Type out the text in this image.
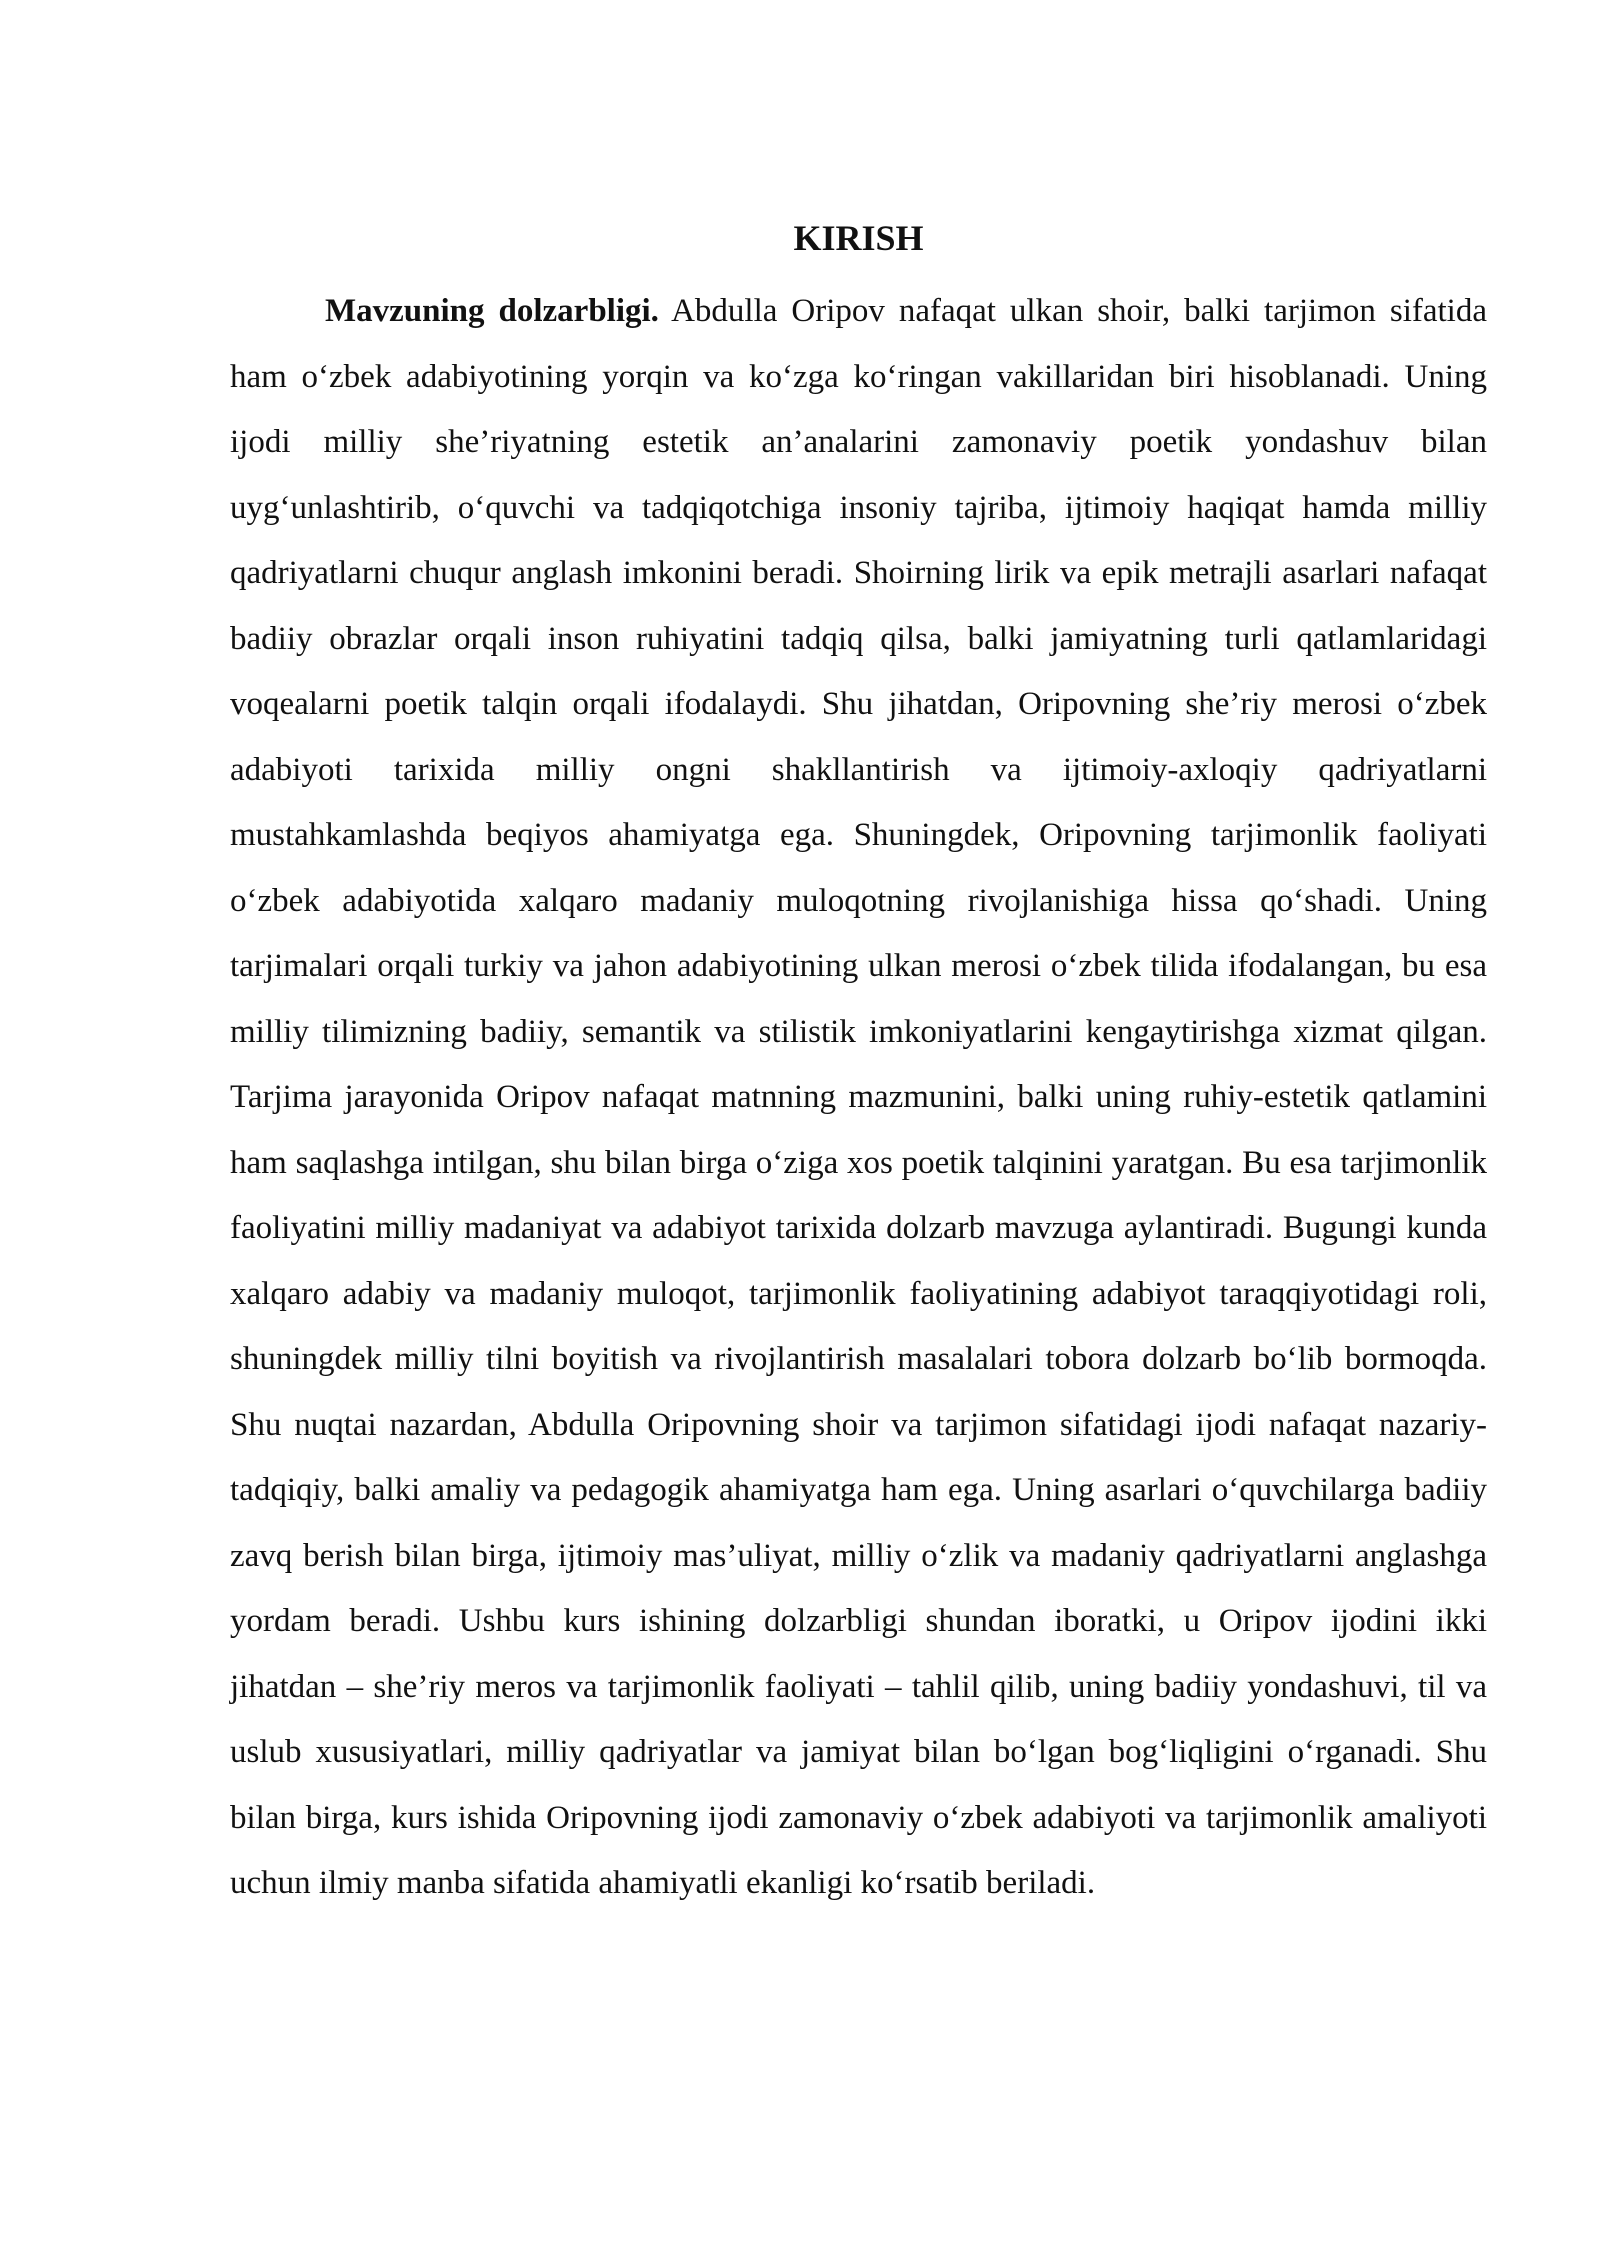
KIRISH

Mavzuning dolzarbligi. Abdulla Oripov nafaqat ulkan shoir, balki tarjimon sifatida ham o‘zbek adabiyotining yorqin va ko‘zga ko‘ringan vakillaridan biri hisoblanadi. Uning ijodi milliy she’riyatning estetik an’analarini zamonaviy poetik yondashuv bilan uyg‘unlashtirib, o‘quvchi va tadqiqotchiga insoniy tajriba, ijtimoiy haqiqat hamda milliy qadriyatlarni chuqur anglash imkonini beradi. Shoirning lirik va epik metrajli asarlari nafaqat badiiy obrazlar orqali inson ruhiyatini tadqiq qilsa, balki jamiyatning turli qatlamlaridagi voqealarni poetik talqin orqali ifodalaydi. Shu jihatdan, Oripovning she’riy merosi o‘zbek adabiyoti tarixida milliy ongni shakllantirish va ijtimoiy-axloqiy qadriyatlarni mustahkamlashda beqiyos ahamiyatga ega. Shuningdek, Oripovning tarjimonlik faoliyati o‘zbek adabiyotida xalqaro madaniy muloqotning rivojlanishiga hissa qo‘shadi. Uning tarjimalari orqali turkiy va jahon adabiyotining ulkan merosi o‘zbek tilida ifodalangan, bu esa milliy tilimizning badiiy, semantik va stilistik imkoniyatlarini kengaytirishga xizmat qilgan. Tarjima jarayonida Oripov nafaqat matnning mazmunini, balki uning ruhiy-estetik qatlamini ham saqlashga intilgan, shu bilan birga o‘ziga xos poetik talqinini yaratgan. Bu esa tarjimonlik faoliyatini milliy madaniyat va adabiyot tarixida dolzarb mavzuga aylantiradi. Bugungi kunda xalqaro adabiy va madaniy muloqot, tarjimonlik faoliyatining adabiyot taraqqiyotidagi roli, shuningdek milliy tilni boyitish va rivojlantirish masalalari tobora dolzarb bo‘lib bormoqda. Shu nuqtai nazardan, Abdulla Oripovning shoir va tarjimon sifatidagi ijodi nafaqat nazariy-tadqiqiy, balki amaliy va pedagogik ahamiyatga ham ega. Uning asarlari o‘quvchilarga badiiy zavq berish bilan birga, ijtimoiy mas’uliyat, milliy o‘zlik va madaniy qadriyatlarni anglashga yordam beradi. Ushbu kurs ishining dolzarbligi shundan iboratki, u Oripov ijodini ikki jihatdan – she’riy meros va tarjimonlik faoliyati – tahlil qilib, uning badiiy yondashuvi, til va uslub xususiyatlari, milliy qadriyatlar va jamiyat bilan bo‘lgan bog‘liqligini o‘rganadi. Shu bilan birga, kurs ishida Oripovning ijodi zamonaviy o‘zbek adabiyoti va tarjimonlik amaliyoti uchun ilmiy manba sifatida ahamiyatli ekanligi ko‘rsatib beriladi.
